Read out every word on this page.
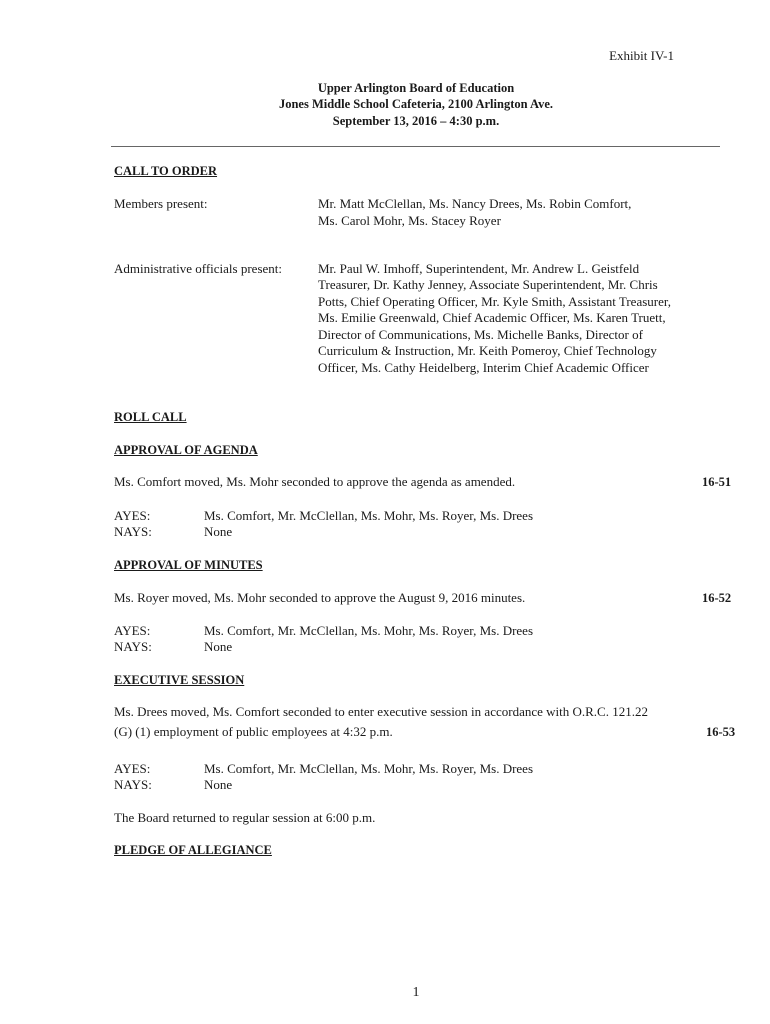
Exhibit IV-1
Upper Arlington Board of Education
Jones Middle School Cafeteria, 2100 Arlington Ave.
September 13, 2016 – 4:30 p.m.
CALL TO ORDER
Members present:	Mr. Matt McClellan, Ms. Nancy Drees, Ms. Robin Comfort,
Ms. Carol Mohr, Ms. Stacey Royer
Administrative officials present:	Mr. Paul W. Imhoff, Superintendent, Mr. Andrew L. Geistfeld
Treasurer, Dr. Kathy Jenney, Associate Superintendent, Mr. Chris
Potts, Chief Operating Officer, Mr. Kyle Smith, Assistant Treasurer,
Ms. Emilie Greenwald, Chief Academic Officer, Ms. Karen Truett,
Director of Communications, Ms. Michelle Banks, Director of
Curriculum & Instruction, Mr. Keith Pomeroy, Chief Technology
Officer, Ms. Cathy Heidelberg, Interim Chief Academic Officer
ROLL CALL
APPROVAL OF AGENDA
Ms. Comfort moved, Ms. Mohr seconded to approve the agenda as amended.	16-51
AYES:	Ms. Comfort, Mr. McClellan, Ms. Mohr, Ms. Royer, Ms. Drees
NAYS:	None
APPROVAL OF MINUTES
Ms. Royer moved, Ms. Mohr seconded to approve the August 9, 2016 minutes.	16-52
AYES:	Ms. Comfort, Mr. McClellan, Ms. Mohr, Ms. Royer, Ms. Drees
NAYS:	None
EXECUTIVE SESSION
Ms. Drees moved, Ms. Comfort seconded to enter executive session in accordance with O.R.C. 121.22
(G) (1) employment of public employees at 4:32 p.m.	16-53
AYES:	Ms. Comfort, Mr. McClellan, Ms. Mohr, Ms. Royer, Ms. Drees
NAYS:	None
The Board returned to regular session at 6:00 p.m.
PLEDGE OF ALLEGIANCE
1
